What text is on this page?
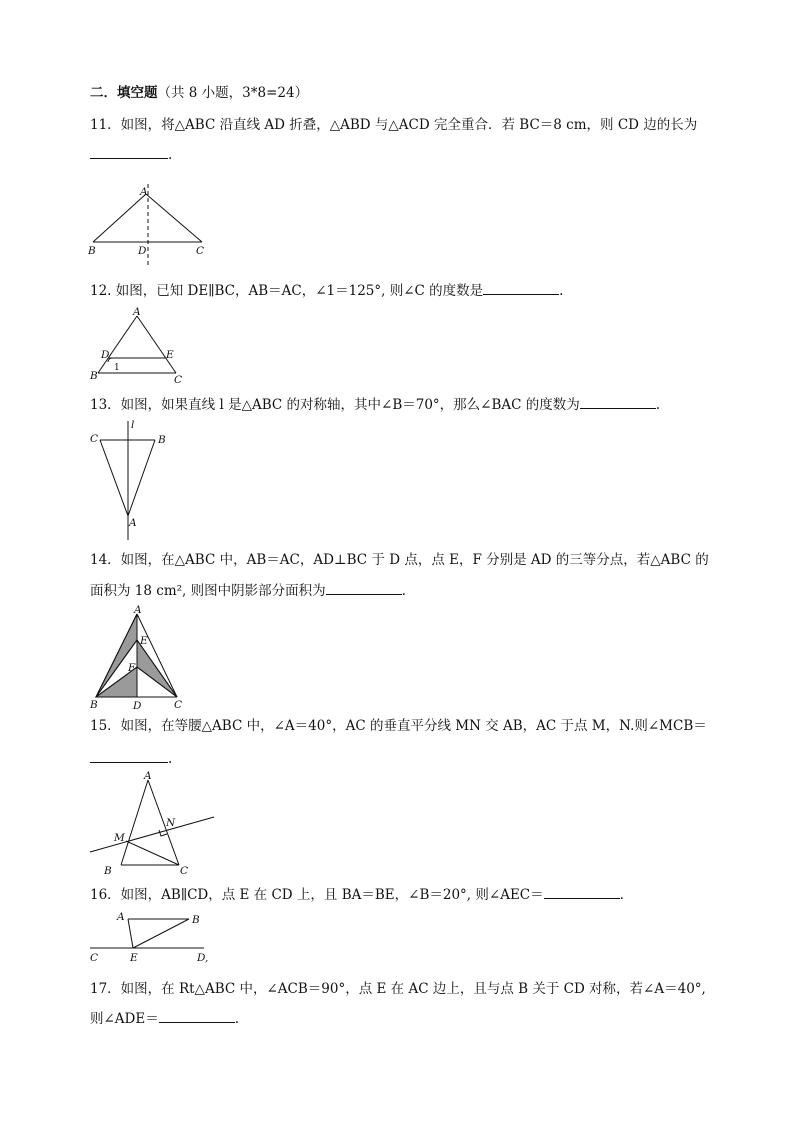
二．填空题（共 8 小题，3*8=24）
11．如图，将△ABC 沿直线 AD 折叠，△ABD 与△ACD 完全重合．若 BC＝8 cm，则 CD 边的长为
.
A
B	D	C
12. 如图，已知 DE∥BC，AB＝AC，∠1＝125°, 则∠C 的度数是	.
A
D	E
1
B	C
13．如图，如果直线 l 是△ABC 的对称轴，其中∠B＝70°，那么∠BAC 的度数为	.
l
C	B
A
14．如图，在△ABC 中，AB＝AC，AD⊥BC 于 D 点，点 E，F 分别是 AD 的三等分点，若△ABC 的
面积为 18 cm², 则图中阴影部分面积为	.
A
E
F
B	D	C
15．如图，在等腰△ABC 中，∠A＝40°，AC 的垂直平分线 MN 交 AB，AC 于点 M，N.则∠MCB＝
.
A
N
M
B	C
16．如图，AB∥CD，点 E 在 CD 上，且 BA＝BE，∠B＝20°, 则∠AEC＝	.
A	B
C	E	D,
17．如图，在 Rt△ABC 中，∠ACB＝90°，点 E 在 AC 边上，且与点 B 关于 CD 对称，若∠A＝40°,
则∠ADE＝	.
